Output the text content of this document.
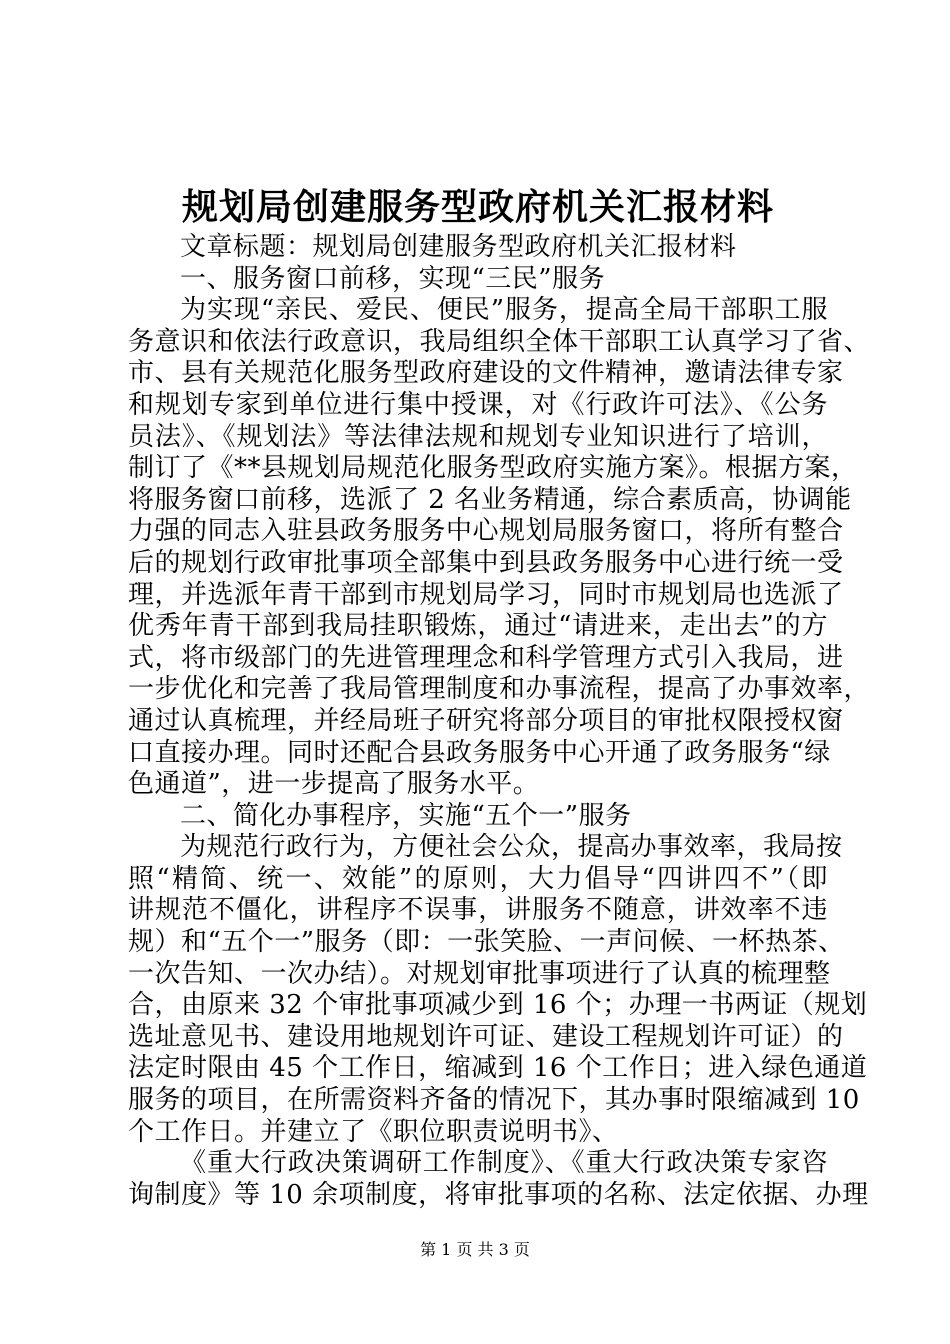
规划局创建服务型政府机关汇报材料
文章标题：规划局创建服务型政府机关汇报材料
一、服务窗口前移，实现“三民”服务
为实现“亲民、爱民、便民”服务，提高全局干部职工服
务意识和依法行政意识，我局组织全体干部职工认真学习了省、
市、县有关规范化服务型政府建设的文件精神，邀请法律专家
和规划专家到单位进行集中授课，对《行政许可法》、《公务
员法》、《规划法》等法律法规和规划专业知识进行了培训，
制订了《**县规划局规范化服务型政府实施方案》。根据方案，
将服务窗口前移，选派了 2 名业务精通，综合素质高，协调能
力强的同志入驻县政务服务中心规划局服务窗口，将所有整合
后的规划行政审批事项全部集中到县政务服务中心进行统一受
理，并选派年青干部到市规划局学习，同时市规划局也选派了
优秀年青干部到我局挂职锻炼，通过“请进来，走出去”的方
式，将市级部门的先进管理理念和科学管理方式引入我局，进
一步优化和完善了我局管理制度和办事流程，提高了办事效率，
通过认真梳理，并经局班子研究将部分项目的审批权限授权窗
口直接办理。同时还配合县政务服务中心开通了政务服务“绿
色通道”，进一步提高了服务水平。
二、简化办事程序，实施“五个一”服务
为规范行政行为，方便社会公众，提高办事效率，我局按
照“精简、统一、效能”的原则，大力倡导“四讲四不”（即
讲规范不僵化，讲程序不误事，讲服务不随意，讲效率不违
规）和“五个一”服务（即：一张笑脸、一声问候、一杯热茶、
一次告知、一次办结）。对规划审批事项进行了认真的梳理整
合，由原来 32 个审批事项减少到 16 个；办理一书两证（规划
选址意见书、建设用地规划许可证、建设工程规划许可证）的
法定时限由 45 个工作日，缩减到 16 个工作日；进入绿色通道
服务的项目，在所需资料齐备的情况下，其办事时限缩减到 10
个工作日。并建立了《职位职责说明书》、
《重大行政决策调研工作制度》、《重大行政决策专家咨
询制度》等 10 余项制度，将审批事项的名称、法定依据、办理
第 1 页 共 3 页
